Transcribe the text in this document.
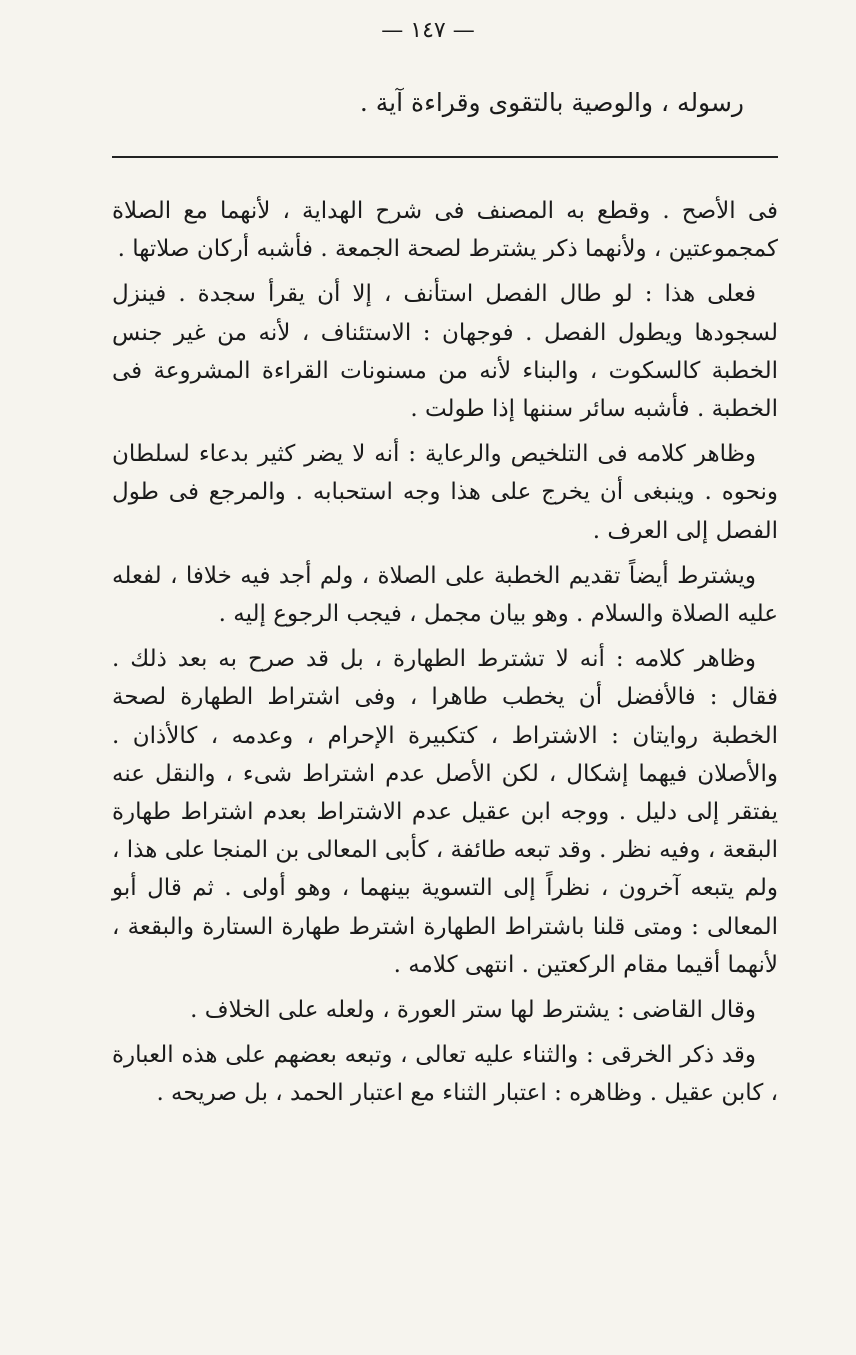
— ١٤٧ —
رسوله ، والوصية بالتقوى وقراءة آية .

فى الأصح . وقطع به المصنف فى شرح الهداية ، لأنهما مع الصلاة كمجموعتين ، ولأنهما ذكر يشترط لصحة الجمعة . فأشبه أركان صلاتها .

فعلى هذا : لو طال الفصل استأنف ، إلا أن يقرأ سجدة . فينزل لسجودها ويطول الفصل . فوجهان : الاستئناف ، لأنه من غير جنس الخطبة كالسكوت ، والبناء لأنه من مسنونات القراءة المشروعة فى الخطبة . فأشبه سائر سننها إذا طولت .

وظاهر كلامه فى التلخيص والرعاية : أنه لا يضر كثير بدعاء لسلطان ونحوه . وينبغى أن يخرج على هذا وجه استحبابه . والمرجع فى طول الفصل إلى العرف .

ويشترط أيضاً تقديم الخطبة على الصلاة ، ولم أجد فيه خلافا ، لفعله عليه الصلاة والسلام . وهو بيان مجمل ، فيجب الرجوع إليه .

وظاهر كلامه : أنه لا تشترط الطهارة ، بل قد صرح به بعد ذلك . فقال : فالأفضل أن يخطب طاهرا ، وفى اشتراط الطهارة لصحة الخطبة روايتان : الاشتراط ، كتكبيرة الإحرام ، وعدمه ، كالأذان . والأصلان فيهما إشكال ، لكن الأصل عدم اشتراط شىء ، والنقل عنه يفتقر إلى دليل . ووجه ابن عقيل عدم الاشتراط بعدم اشتراط طهارة البقعة ، وفيه نظر . وقد تبعه طائفة ، كأبى المعالى بن المنجا على هذا ، ولم يتبعه آخرون ، نظراً إلى التسوية بينهما ، وهو أولى . ثم قال أبو المعالى : ومتى قلنا باشتراط الطهارة اشترط طهارة الستارة والبقعة ، لأنهما أقيما مقام الركعتين . انتهى كلامه .

وقال القاضى : يشترط لها ستر العورة ، ولعله على الخلاف .

وقد ذكر الخرقى : والثناء عليه تعالى ، وتبعه بعضهم على هذه العبارة ، كابن عقيل . وظاهره : اعتبار الثناء مع اعتبار الحمد ، بل صريحه .
